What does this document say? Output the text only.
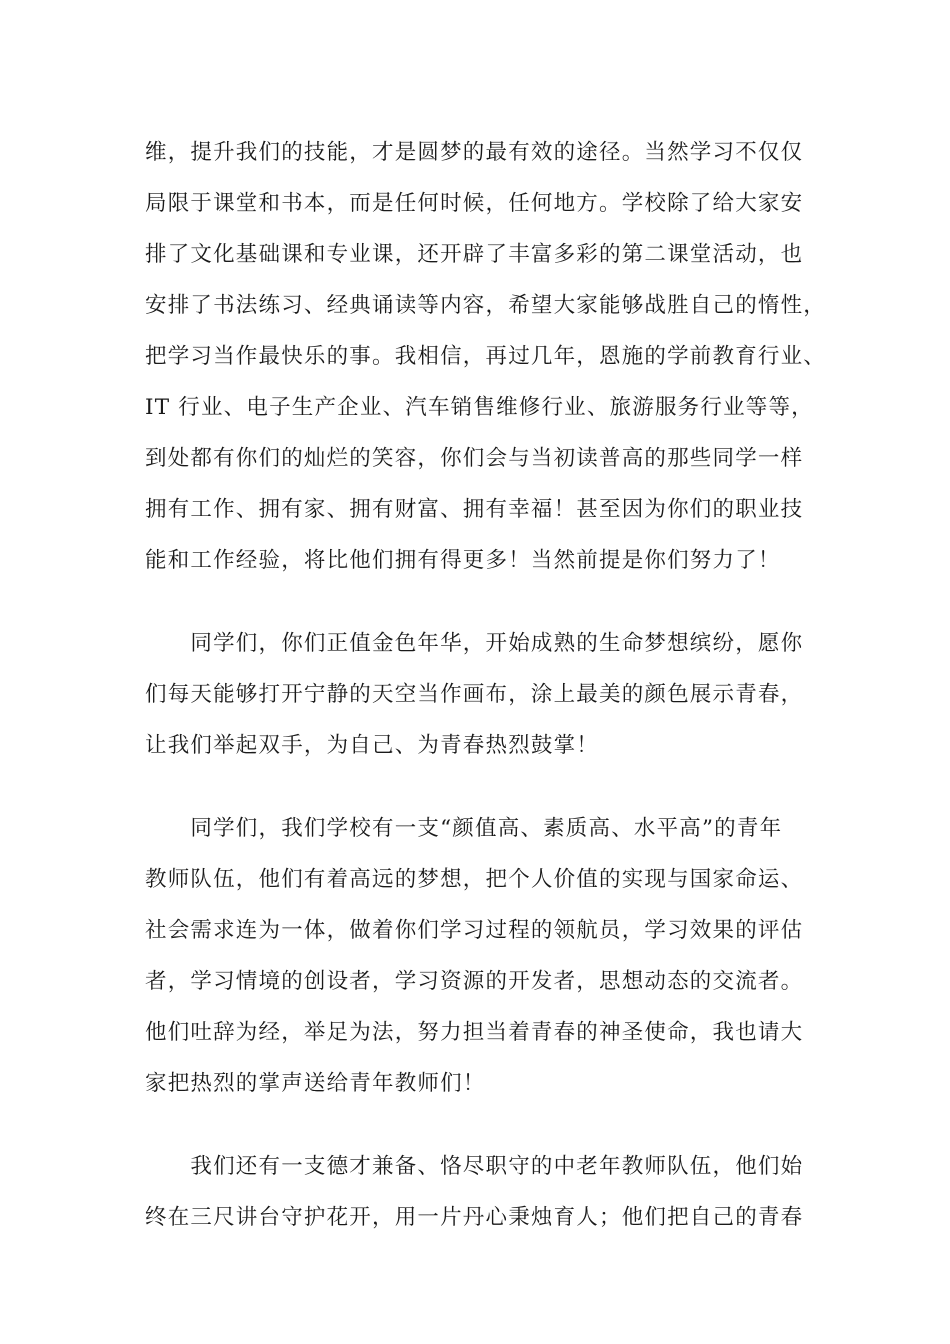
维，提升我们的技能，才是圆梦的最有效的途径。当然学习不仅仅
局限于课堂和书本，而是任何时候，任何地方。学校除了给大家安
排了文化基础课和专业课，还开辟了丰富多彩的第二课堂活动，也
安排了书法练习、经典诵读等内容，希望大家能够战胜自己的惰性，
把学习当作最快乐的事。我相信，再过几年，恩施的学前教育行业、
IT 行业、电子生产企业、汽车销售维修行业、旅游服务行业等等，
到处都有你们的灿烂的笑容，你们会与当初读普高的那些同学一样
拥有工作、拥有家、拥有财富、拥有幸福！甚至因为你们的职业技
能和工作经验，将比他们拥有得更多！当然前提是你们努力了！
　　同学们，你们正值金色年华，开始成熟的生命梦想缤纷，愿你
们每天能够打开宁静的天空当作画布，涂上最美的颜色展示青春，
让我们举起双手，为自己、为青春热烈鼓掌！
　　同学们，我们学校有一支“颜值高、素质高、水平高”的青年
教师队伍，他们有着高远的梦想，把个人价值的实现与国家命运、
社会需求连为一体，做着你们学习过程的领航员，学习效果的评估
者，学习情境的创设者，学习资源的开发者，思想动态的交流者。
他们吐辞为经，举足为法，努力担当着青春的神圣使命，我也请大
家把热烈的掌声送给青年教师们！
　　我们还有一支德才兼备、恪尽职守的中老年教师队伍，他们始
终在三尺讲台守护花开，用一片丹心秉烛育人；他们把自己的青春
